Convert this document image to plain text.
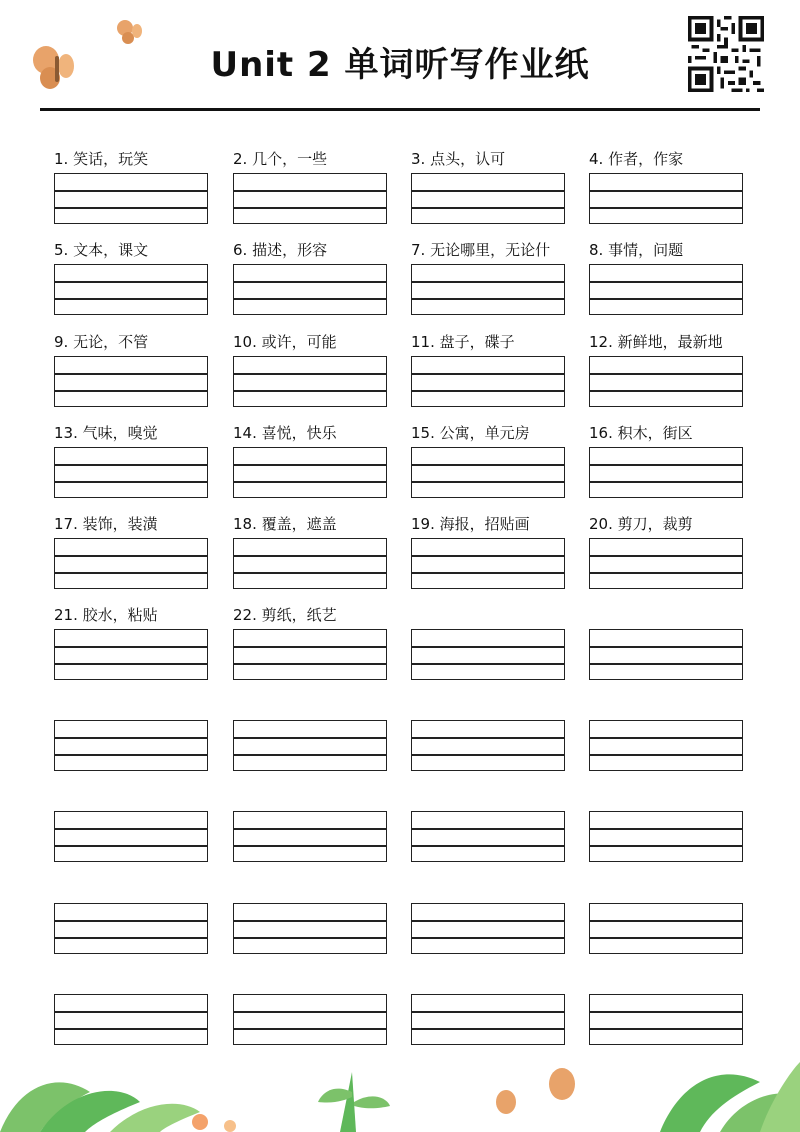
Unit 2 单词听写作业纸
1. 笑话，玩笑	2. 几个，一些	3. 点头，认可	4. 作者，作家
5. 文本，课文	6. 描述，形容	7. 无论哪里，无论什	8. 事情，问题
9. 无论，不管	10. 或许，可能	11. 盘子，碟子	12. 新鲜地，最新地
13. 气味，嗅觉	14. 喜悦，快乐	15. 公寓，单元房	16. 积木，街区
17. 装饰，装潢	18. 覆盖，遮盖	19. 海报，招贴画	20. 剪刀，裁剪
21. 胶水，粘贴	22. 剪纸，纸艺
